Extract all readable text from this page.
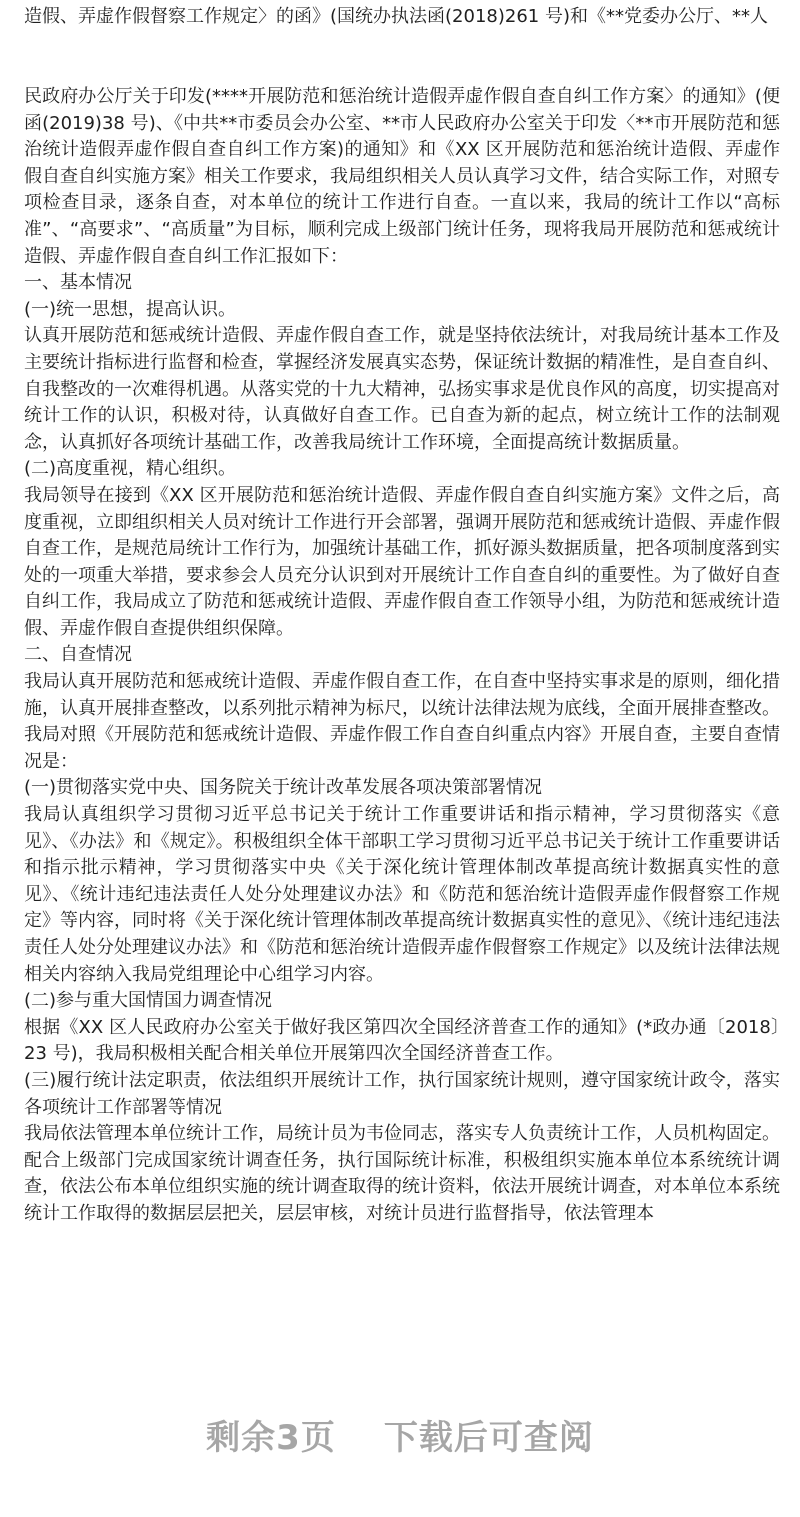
造假、弄虚作假督察工作规定〉的函》(国统办执法函(2018)261 号)和《**党委办公厅、**人

民政府办公厅关于印发(****开展防范和惩治统计造假弄虚作假自查自纠工作方案〉的通知》(便函(2019)38 号)、《中共**市委员会办公室、**市人民政府办公室关于印发〈**市开展防范和惩治统计造假弄虚作假自查自纠工作方案)的通知》和《XX 区开展防范和惩治统计造假、弄虚作假自查自纠实施方案》相关工作要求，我局组织相关人员认真学习文件，结合实际工作，对照专项检查目录，逐条自查，对本单位的统计工作进行自查。一直以来，我局的统计工作以“高标准”、“高要求”、“高质量”为目标，顺利完成上级部门统计任务，现将我局开展防范和惩戒统计造假、弄虚作假自查自纠工作汇报如下：

一、基本情况

(一)统一思想，提高认识。

认真开展防范和惩戒统计造假、弄虚作假自查工作，就是坚持依法统计，对我局统计基本工作及主要统计指标进行监督和检查，掌握经济发展真实态势，保证统计数据的精准性，是自查自纠、自我整改的一次难得机遇。从落实党的十九大精神，弘扬实事求是优良作风的高度，切实提高对统计工作的认识，积极对待，认真做好自查工作。已自查为新的起点，树立统计工作的法制观念，认真抓好各项统计基础工作，改善我局统计工作环境，全面提高统计数据质量。

(二)高度重视，精心组织。

我局领导在接到《XX 区开展防范和惩治统计造假、弄虚作假自查自纠实施方案》文件之后，高度重视，立即组织相关人员对统计工作进行开会部署，强调开展防范和惩戒统计造假、弄虚作假自查工作，是规范局统计工作行为，加强统计基础工作，抓好源头数据质量，把各项制度落到实处的一项重大举措，要求参会人员充分认识到对开展统计工作自查自纠的重要性。为了做好自查自纠工作，我局成立了防范和惩戒统计造假、弄虚作假自查工作领导小组，为防范和惩戒统计造假、弄虚作假自查提供组织保障。

二、自查情况

我局认真开展防范和惩戒统计造假、弄虚作假自查工作，在自查中坚持实事求是的原则，细化措施，认真开展排查整改，以系列批示精神为标尺，以统计法律法规为底线，全面开展排查整改。我局对照《开展防范和惩戒统计造假、弄虚作假工作自查自纠重点内容》开展自查，主要自查情况是：

(一)贯彻落实党中央、国务院关于统计改革发展各项决策部署情况

我局认真组织学习贯彻习近平总书记关于统计工作重要讲话和指示精神，学习贯彻落实《意见》、《办法》和《规定》。积极组织全体干部职工学习贯彻习近平总书记关于统计工作重要讲话和指示批示精神，学习贯彻落实中央《关于深化统计管理体制改革提高统计数据真实性的意见》、《统计违纪违法责任人处分处理建议办法》和《防范和惩治统计造假弄虚作假督察工作规定》等内容，同时将《关于深化统计管理体制改革提高统计数据真实性的意见》、《统计违纪违法责任人处分处理建议办法》和《防范和惩治统计造假弄虚作假督察工作规定》以及统计法律法规相关内容纳入我局党组理论中心组学习内容。

(二)参与重大国情国力调查情况

根据《XX 区人民政府办公室关于做好我区第四次全国经济普查工作的通知》(*政办通〔2018〕23 号)，我局积极相关配合相关单位开展第四次全国经济普查工作。

(三)履行统计法定职责，依法组织开展统计工作，执行国家统计规则，遵守国家统计政令，落实各项统计工作部署等情况

我局依法管理本单位统计工作，局统计员为韦俭同志，落实专人负责统计工作，人员机构固定。配合上级部门完成国家统计调查任务，执行国际统计标准，积极组织实施本单位本系统统计调查，依法公布本单位组织实施的统计调查取得的统计资料，依法开展统计调查，对本单位本系统统计工作取得的数据层层把关，层层审核，对统计员进行监督指导，依法管理本

剩余3页 下载后可查阅
